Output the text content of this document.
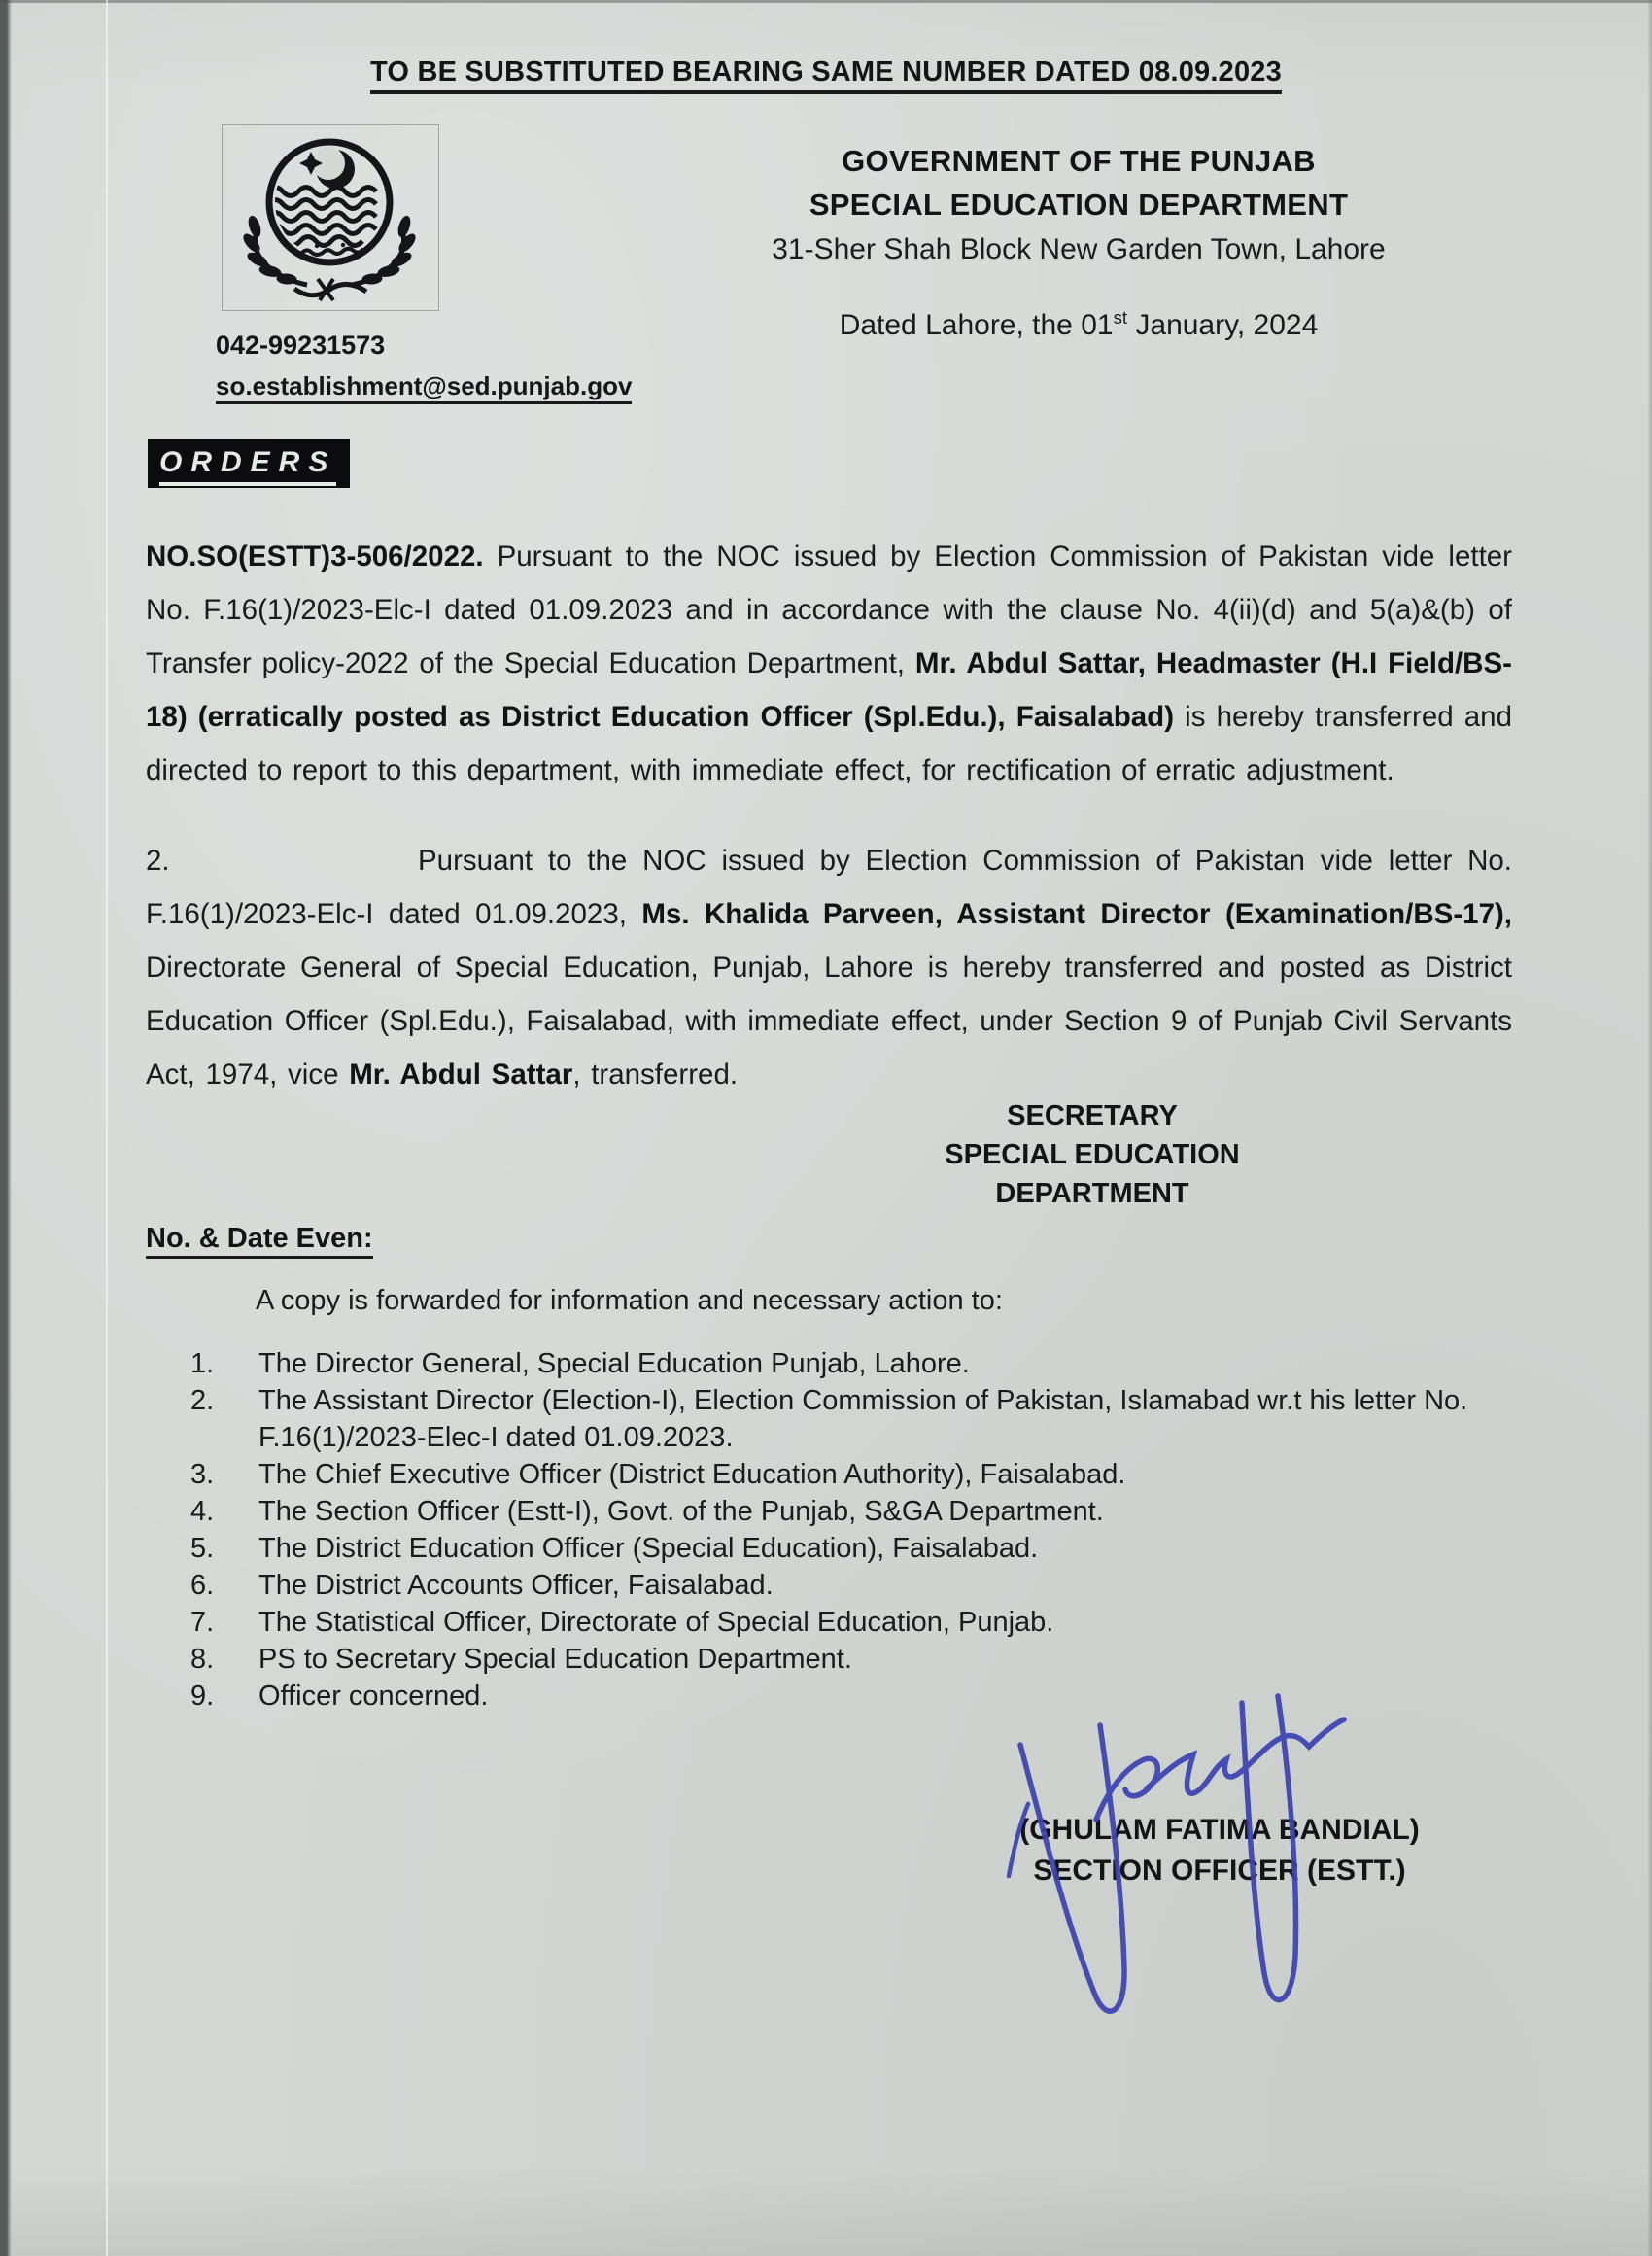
TO BE SUBSTITUTED BEARING SAME NUMBER DATED 08.09.2023
GOVERNMENT OF THE PUNJAB
SPECIAL EDUCATION DEPARTMENT
31-Sher Shah Block New Garden Town, Lahore
Dated Lahore, the 01st January, 2024
042-99231573
so.establishment@sed.punjab.gov
ORDERS

NO.SO(ESTT)3-506/2022. Pursuant to the NOC issued by Election Commission of Pakistan vide letter No. F.16(1)/2023-Elc-I dated 01.09.2023 and in accordance with the clause No. 4(ii)(d) and 5(a)&(b) of Transfer policy-2022 of the Special Education Department, Mr. Abdul Sattar, Headmaster (H.I Field/BS-18) (erratically posted as District Education Officer (Spl.Edu.), Faisalabad) is hereby transferred and directed to report to this department, with immediate effect, for rectification of erratic adjustment.

2.	Pursuant to the NOC issued by Election Commission of Pakistan vide letter No. F.16(1)/2023-Elc-I dated 01.09.2023, Ms. Khalida Parveen, Assistant Director (Examination/BS-17), Directorate General of Special Education, Punjab, Lahore is hereby transferred and posted as District Education Officer (Spl.Edu.), Faisalabad, with immediate effect, under Section 9 of Punjab Civil Servants Act, 1974, vice Mr. Abdul Sattar, transferred.

SECRETARY
SPECIAL EDUCATION
DEPARTMENT
No. & Date Even:
A copy is forwarded for information and necessary action to:
1.	The Director General, Special Education Punjab, Lahore.
2.	The Assistant Director (Election-I), Election Commission of Pakistan, Islamabad wr.t his letter No. F.16(1)/2023-Elec-I dated 01.09.2023.
3.	The Chief Executive Officer (District Education Authority), Faisalabad.
4.	The Section Officer (Estt-I), Govt. of the Punjab, S&GA Department.
5.	The District Education Officer (Special Education), Faisalabad.
6.	The District Accounts Officer, Faisalabad.
7.	The Statistical Officer, Directorate of Special Education, Punjab.
8.	PS to Secretary Special Education Department.
9.	Officer concerned.
(GHULAM FATIMA BANDIAL)
SECTION OFFICER (ESTT.)
